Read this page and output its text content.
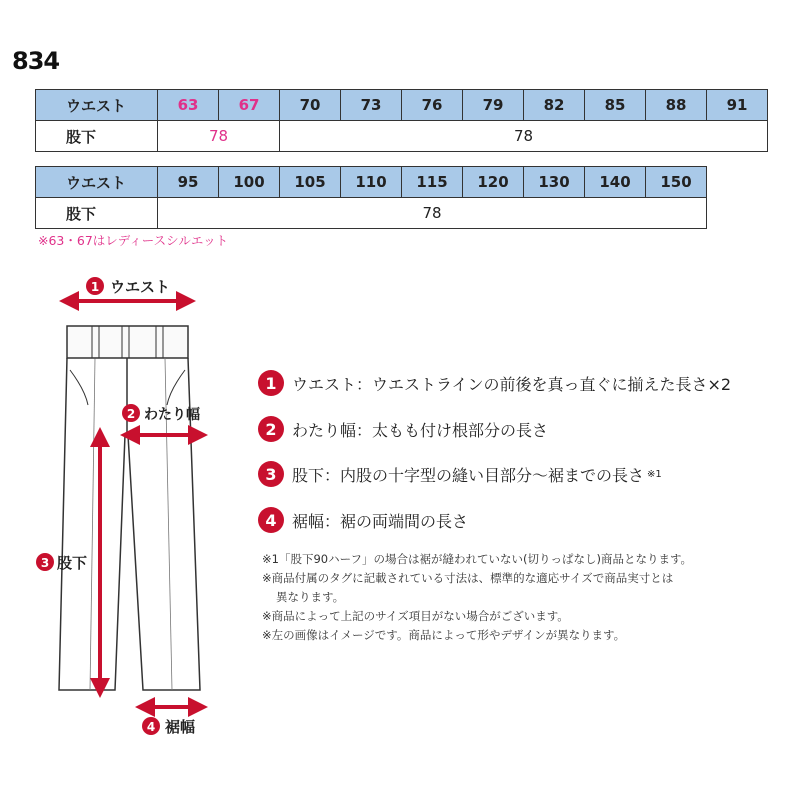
834
ウエスト	63	67	70	73	76	79	82	85	88	91
股下	78		78							
ウエスト	95	100	105	110	115	120	130	140	150
股下	78								
※63・67はレディースシルエット
1 ウエスト
2 わたり幅
3 股下
4 裾幅
1 ウエスト：ウエストラインの前後を真っ直ぐに揃えた長さ×2
2 わたり幅：太もも付け根部分の長さ
3 股下：内股の十字型の縫い目部分～裾までの長さ ※1
4 裾幅：裾の両端間の長さ
※1「股下90ハーフ」の場合は裾が縫われていない(切りっぱなし)商品となります。
※商品付属のタグに記載されている寸法は、標準的な適応サイズで商品実寸とは
異なります。
※商品によって上記のサイズ項目がない場合がございます。
※左の画像はイメージです。商品によって形やデザインが異なります。
